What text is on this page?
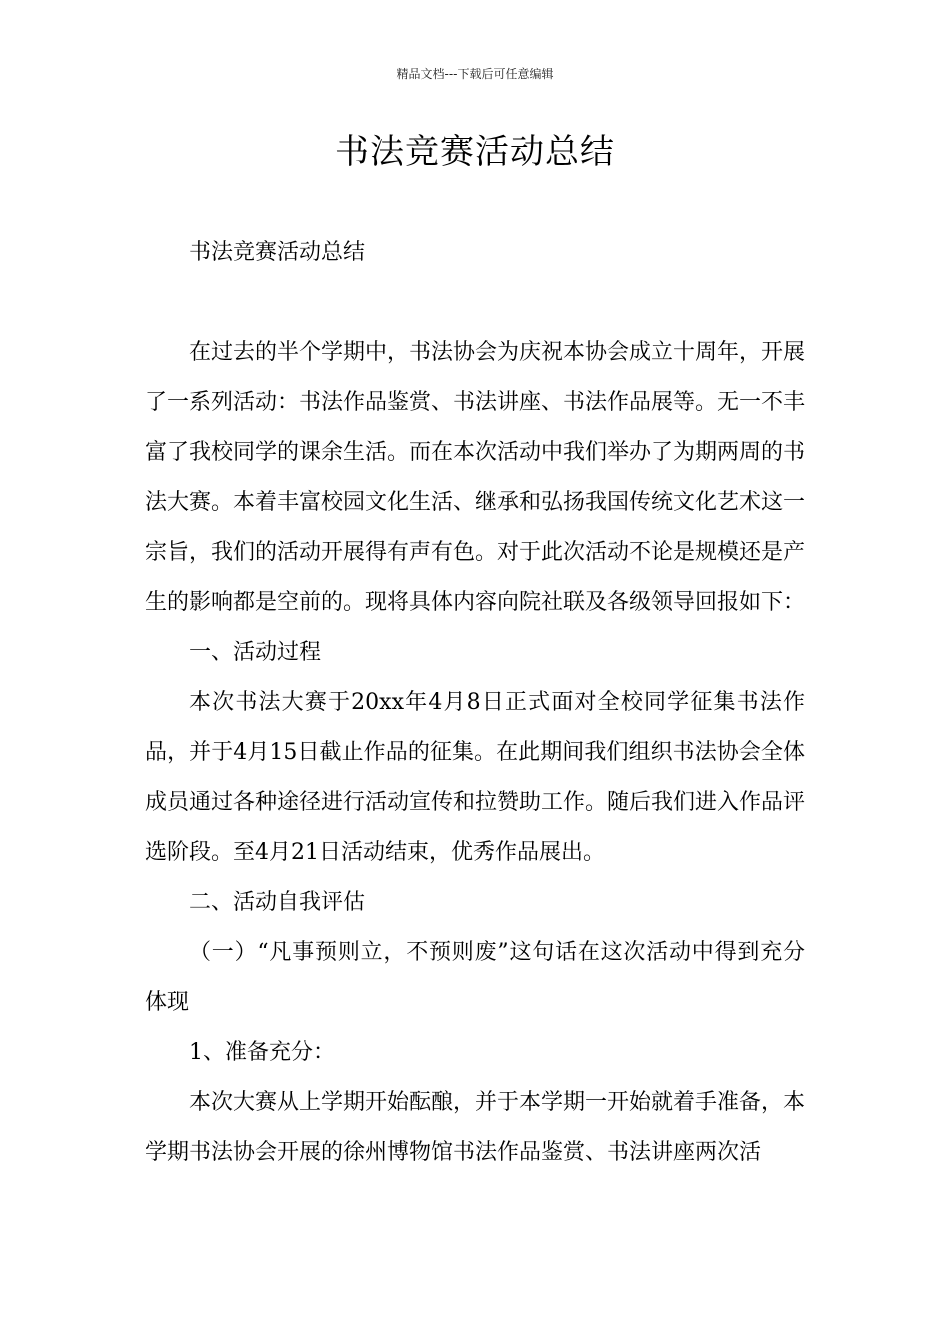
精品文档---下载后可任意编辑
书法竞赛活动总结

书法竞赛活动总结

在过去的半个学期中，书法协会为庆祝本协会成立十周年，开展了一系列活动：书法作品鉴赏、书法讲座、书法作品展等。无一不丰富了我校同学的课余生活。而在本次活动中我们举办了为期两周的书法大赛。本着丰富校园文化生活、继承和弘扬我国传统文化艺术这一宗旨，我们的活动开展得有声有色。对于此次活动不论是规模还是产生的影响都是空前的。现将具体内容向院社联及各级领导回报如下：

一、活动过程

本次书法大赛于20xx年4月8日正式面对全校同学征集书法作品，并于4月15日截止作品的征集。在此期间我们组织书法协会全体成员通过各种途径进行活动宣传和拉赞助工作。随后我们进入作品评选阶段。至4月21日活动结束，优秀作品展出。

二、活动自我评估

（一）“凡事预则立，不预则废”这句话在这次活动中得到充分体现

1、准备充分：

本次大赛从上学期开始酝酿，并于本学期一开始就着手准备，本学期书法协会开展的徐州博物馆书法作品鉴赏、书法讲座两次活
